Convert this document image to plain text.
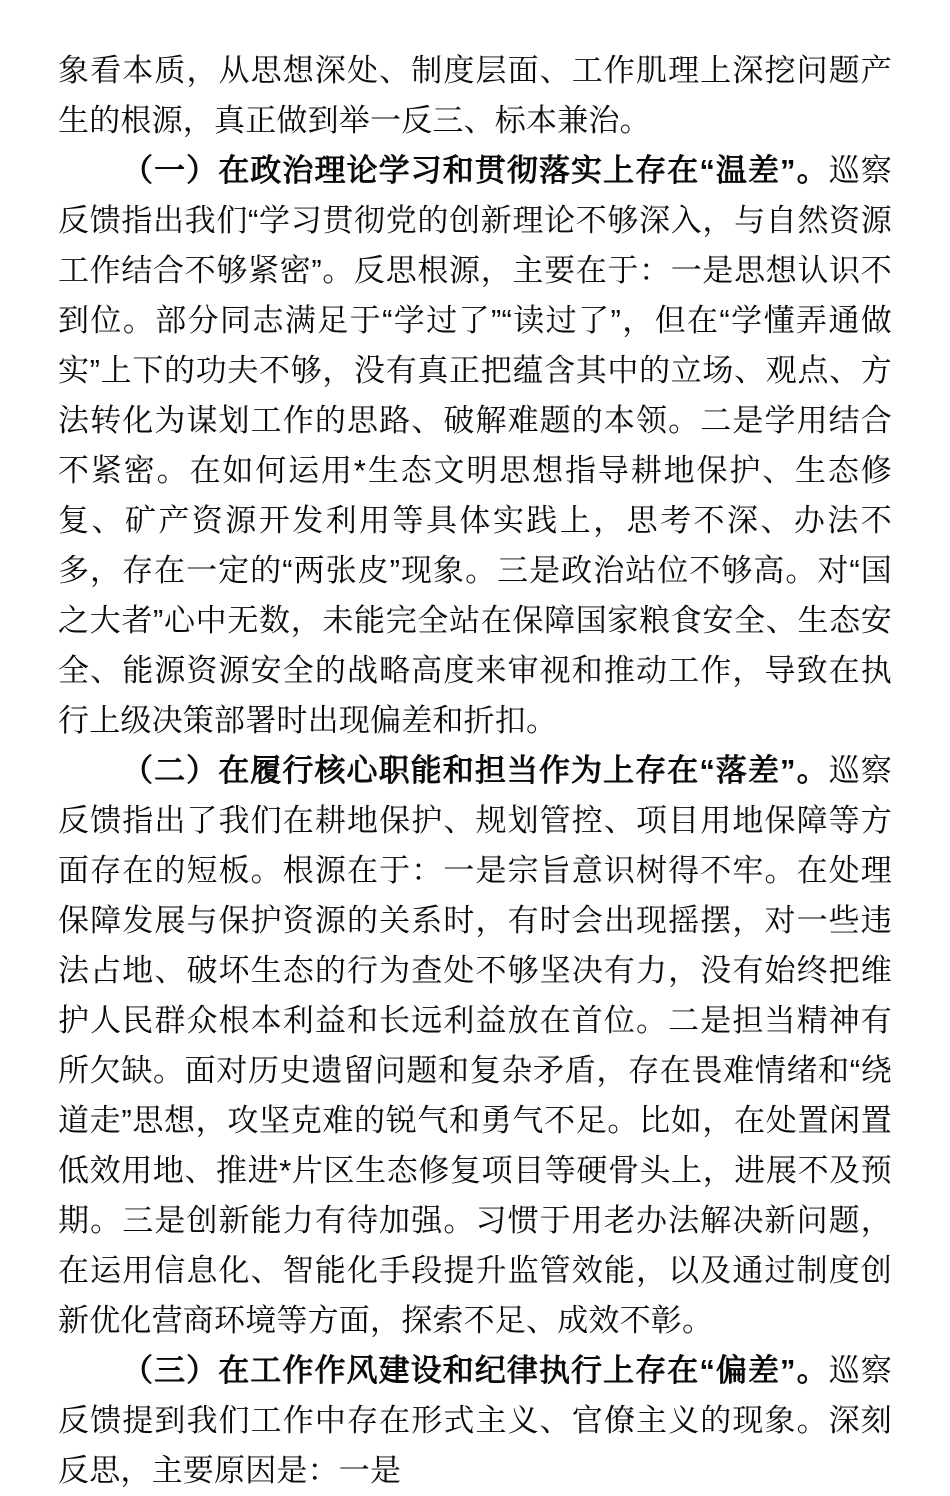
象看本质，从思想深处、制度层面、工作肌理上深挖问题产生的根源，真正做到举一反三、标本兼治。

（一）在政治理论学习和贯彻落实上存在“温差”。巡察反馈指出我们“学习贯彻党的创新理论不够深入，与自然资源工作结合不够紧密”。反思根源，主要在于：一是思想认识不到位。部分同志满足于“学过了”“读过了”，但在“学懂弄通做实”上下的功夫不够，没有真正把蕴含其中的立场、观点、方法转化为谋划工作的思路、破解难题的本领。二是学用结合不紧密。在如何运用*生态文明思想指导耕地保护、生态修复、矿产资源开发利用等具体实践上，思考不深、办法不多，存在一定的“两张皮”现象。三是政治站位不够高。对“国之大者”心中无数，未能完全站在保障国家粮食安全、生态安全、能源资源安全的战略高度来审视和推动工作，导致在执行上级决策部署时出现偏差和折扣。

（二）在履行核心职能和担当作为上存在“落差”。巡察反馈指出了我们在耕地保护、规划管控、项目用地保障等方面存在的短板。根源在于：一是宗旨意识树得不牢。在处理保障发展与保护资源的关系时，有时会出现摇摆，对一些违法占地、破坏生态的行为查处不够坚决有力，没有始终把维护人民群众根本利益和长远利益放在首位。二是担当精神有所欠缺。面对历史遗留问题和复杂矛盾，存在畏难情绪和“绕道走”思想，攻坚克难的锐气和勇气不足。比如，在处置闲置低效用地、推进*片区生态修复项目等硬骨头上，进展不及预期。三是创新能力有待加强。习惯于用老办法解决新问题，在运用信息化、智能化手段提升监管效能，以及通过制度创新优化营商环境等方面，探索不足、成效不彰。

（三）在工作作风建设和纪律执行上存在“偏差”。巡察反馈提到我们工作中存在形式主义、官僚主义的现象。深刻反思，主要原因是：一是
